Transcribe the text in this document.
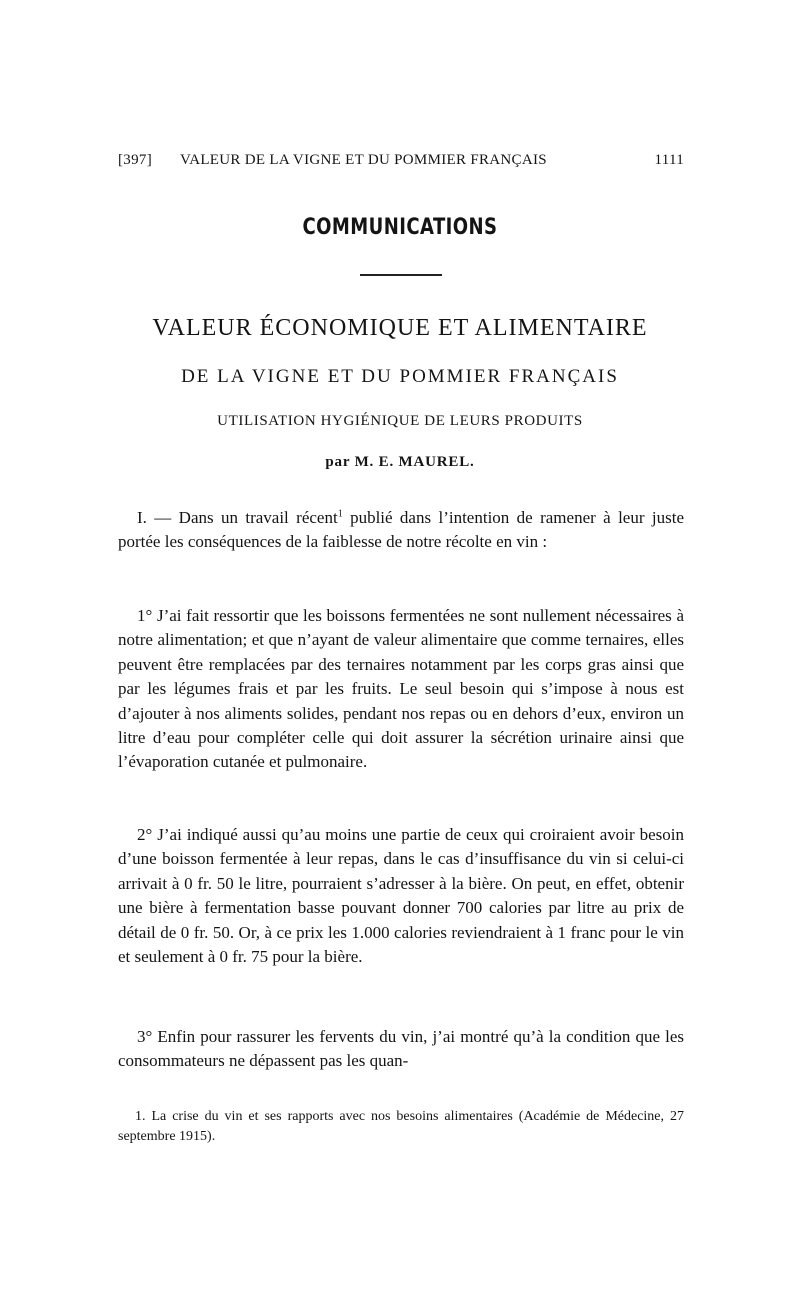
[397] VALEUR DE LA VIGNE ET DU POMMIER FRANÇAIS	1111
COMMUNICATIONS
VALEUR ÉCONOMIQUE ET ALIMENTAIRE
DE LA VIGNE ET DU POMMIER FRANÇAIS
UTILISATION HYGIÉNIQUE DE LEURS PRODUITS
par M. E. MAUREL.

I. — Dans un travail récent$^1$ publié dans l’intention de ramener à leur juste portée les conséquences de la faiblesse de notre récolte en vin :

1° J’ai fait ressortir que les boissons fermentées ne sont nullement nécessaires à notre alimentation; et que n’ayant de valeur alimentaire que comme ternaires, elles peuvent être remplacées par des ternaires notamment par les corps gras ainsi que par les légumes frais et par les fruits. Le seul besoin qui s’impose à nous est d’ajouter à nos aliments solides, pendant nos repas ou en dehors d’eux, environ un litre d’eau pour compléter celle qui doit assurer la sécrétion urinaire ainsi que l’évaporation cutanée et pulmonaire.

2° J’ai indiqué aussi qu’au moins une partie de ceux qui croiraient avoir besoin d’une boisson fermentée à leur repas, dans le cas d’insuffisance du vin si celui-ci arrivait à 0 fr. 50 le litre, pourraient s’adresser à la bière. On peut, en effet, obtenir une bière à fermentation basse pouvant donner 700 calories par litre au prix de détail de 0 fr. 50. Or, à ce prix les 1.000 calories reviendraient à 1 franc pour le vin et seulement à 0 fr. 75 pour la bière.

3° Enfin pour rassurer les fervents du vin, j’ai montré qu’à la condition que les consommateurs ne dépassent pas les quan-

1. La crise du vin et ses rapports avec nos besoins alimentaires (Académie de Médecine, 27 septembre 1915).
